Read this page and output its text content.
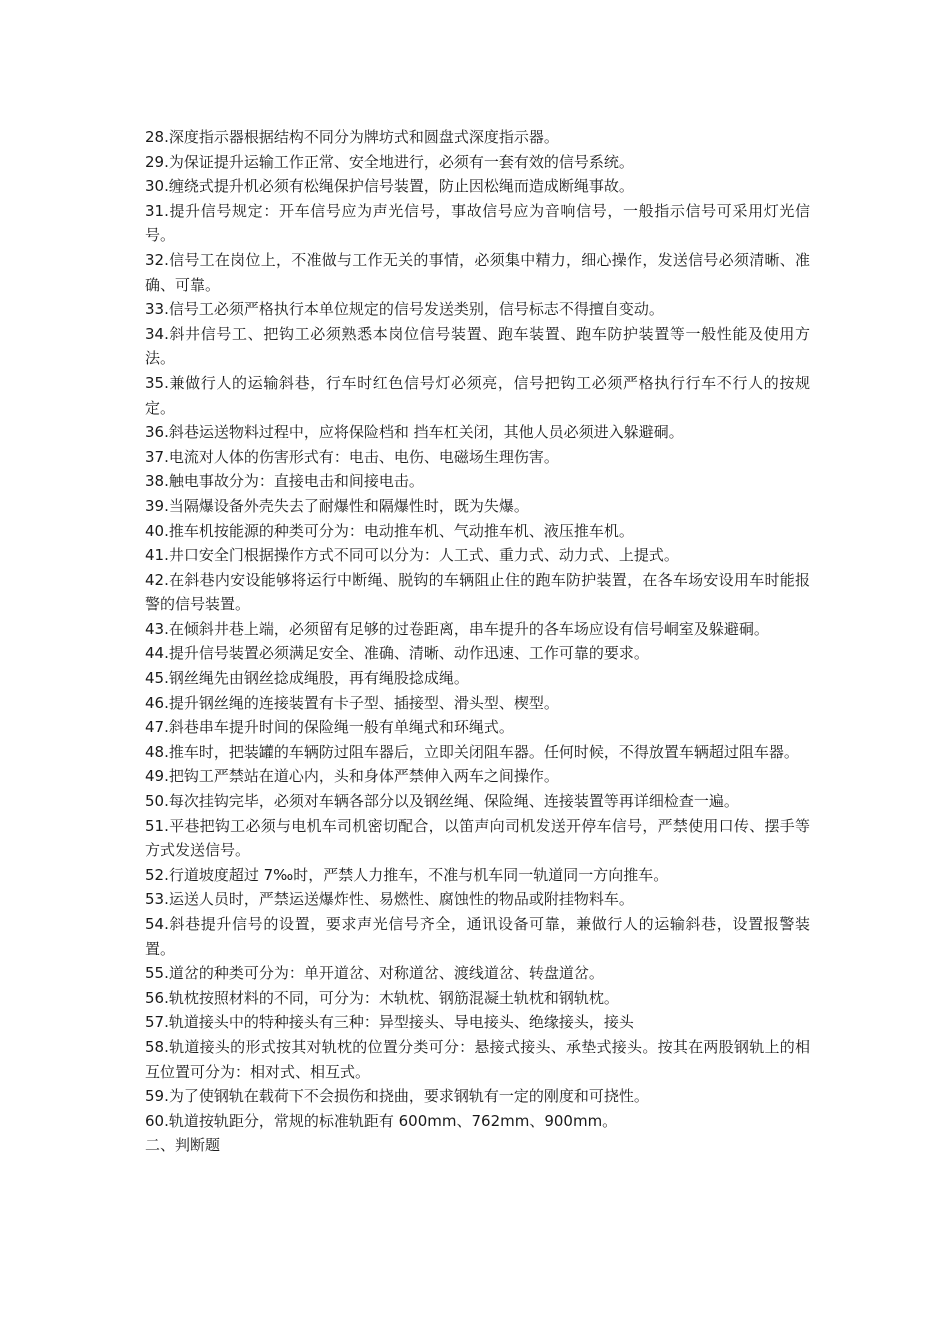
28.深度指示器根据结构不同分为牌坊式和圆盘式深度指示器。

29.为保证提升运输工作正常、安全地进行，必须有一套有效的信号系统。

30.缠绕式提升机必须有松绳保护信号装置，防止因松绳而造成断绳事故。

31.提升信号规定：开车信号应为声光信号，事故信号应为音响信号，一般指示信号可采用灯光信号。

32.信号工在岗位上，不准做与工作无关的事情，必须集中精力，细心操作，发送信号必须清晰、准确、可靠。

33.信号工必须严格执行本单位规定的信号发送类别，信号标志不得擅自变动。

34.斜井信号工、把钩工必须熟悉本岗位信号装置、跑车装置、跑车防护装置等一般性能及使用方法。

35.兼做行人的运输斜巷，行车时红色信号灯必须亮，信号把钩工必须严格执行行车不行人的按规定。

36.斜巷运送物料过程中，应将保险档和 挡车杠关闭，其他人员必须进入躲避硐。

37.电流对人体的伤害形式有：电击、电伤、电磁场生理伤害。

38.触电事故分为：直接电击和间接电击。

39.当隔爆设备外壳失去了耐爆性和隔爆性时，既为失爆。

40.推车机按能源的种类可分为：电动推车机、气动推车机、液压推车机。

41.井口安全门根据操作方式不同可以分为：人工式、重力式、动力式、上提式。

42.在斜巷内安设能够将运行中断绳、脱钩的车辆阻止住的跑车防护装置，在各车场安设用车时能报警的信号装置。

43.在倾斜井巷上端，必须留有足够的过卷距离，串车提升的各车场应设有信号峒室及躲避硐。

44.提升信号装置必须满足安全、准确、清晰、动作迅速、工作可靠的要求。

45.钢丝绳先由钢丝捻成绳股，再有绳股捻成绳。

46.提升钢丝绳的连接装置有卡子型、插接型、滑头型、楔型。

47.斜巷串车提升时间的保险绳一般有单绳式和环绳式。

48.推车时，把装罐的车辆防过阻车器后，立即关闭阻车器。任何时候，不得放置车辆超过阻车器。

49.把钩工严禁站在道心内，头和身体严禁伸入两车之间操作。

50.每次挂钩完毕，必须对车辆各部分以及钢丝绳、保险绳、连接装置等再详细检查一遍。

51.平巷把钩工必须与电机车司机密切配合，以笛声向司机发送开停车信号，严禁使用口传、摆手等方式发送信号。

52.行道坡度超过 7‰时，严禁人力推车，不准与机车同一轨道同一方向推车。

53.运送人员时，严禁运送爆炸性、易燃性、腐蚀性的物品或附挂物料车。

54.斜巷提升信号的设置，要求声光信号齐全，通讯设备可靠，兼做行人的运输斜巷，设置报警装置。

55.道岔的种类可分为：单开道岔、对称道岔、渡线道岔、转盘道岔。

56.轨枕按照材料的不同，可分为：木轨枕、钢筋混凝土轨枕和钢轨枕。

57.轨道接头中的特种接头有三种：异型接头、导电接头、绝缘接头，接头

58.轨道接头的形式按其对轨枕的位置分类可分：悬接式接头、承垫式接头。按其在两股钢轨上的相互位置可分为：相对式、相互式。

59.为了使钢轨在载荷下不会损伤和挠曲，要求钢轨有一定的刚度和可挠性。

60.轨道按轨距分，常规的标准轨距有 600mm、762mm、900mm。

二、判断题
